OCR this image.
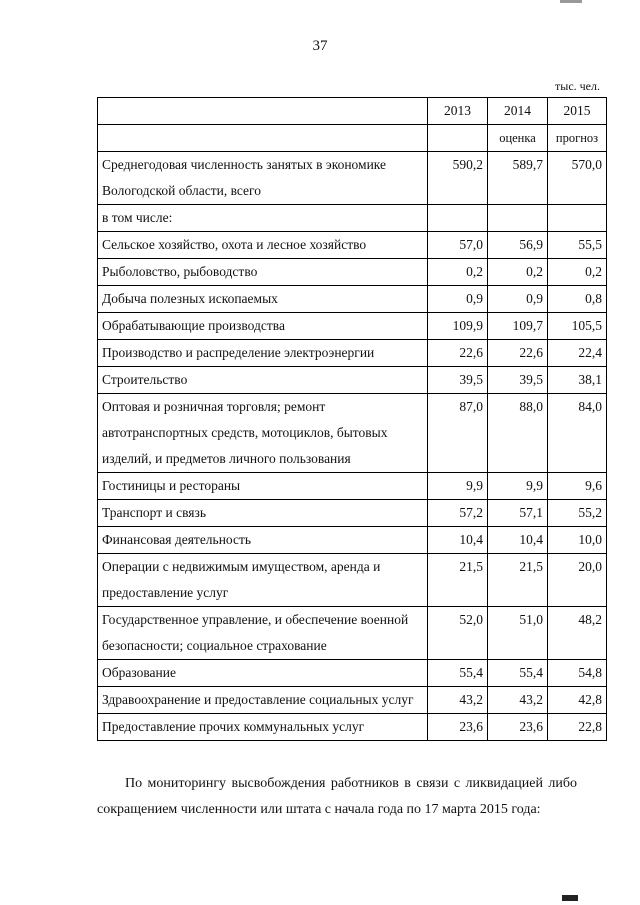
37
тыс. чел.
	2013	2014	2015
		оценка	прогноз
Среднегодовая численность занятых в экономике Вологодской области, всего	590,2	589,7	570,0
в том числе:			
Сельское хозяйство, охота и лесное хозяйство	57,0	56,9	55,5
Рыболовство, рыбоводство	0,2	0,2	0,2
Добыча полезных ископаемых	0,9	0,9	0,8
Обрабатывающие производства	109,9	109,7	105,5
Производство и распределение электроэнергии	22,6	22,6	22,4
Строительство	39,5	39,5	38,1
Оптовая и розничная торговля; ремонт автотранспортных средств, мотоциклов, бытовых изделий, и предметов личного пользования	87,0	88,0	84,0
Гостиницы и рестораны	9,9	9,9	9,6
Транспорт и связь	57,2	57,1	55,2
Финансовая деятельность	10,4	10,4	10,0
Операции с недвижимым имуществом, аренда и предоставление услуг	21,5	21,5	20,0
Государственное управление, и обеспечение военной безопасности; социальное страхование	52,0	51,0	48,2
Образование	55,4	55,4	54,8
Здравоохранение и предоставление социальных услуг	43,2	43,2	42,8
Предоставление прочих коммунальных услуг	23,6	23,6	22,8
По мониторингу высвобождения работников в связи с ликвидацией либо сокращением численности или штата с начала года по 17 марта 2015 года:
